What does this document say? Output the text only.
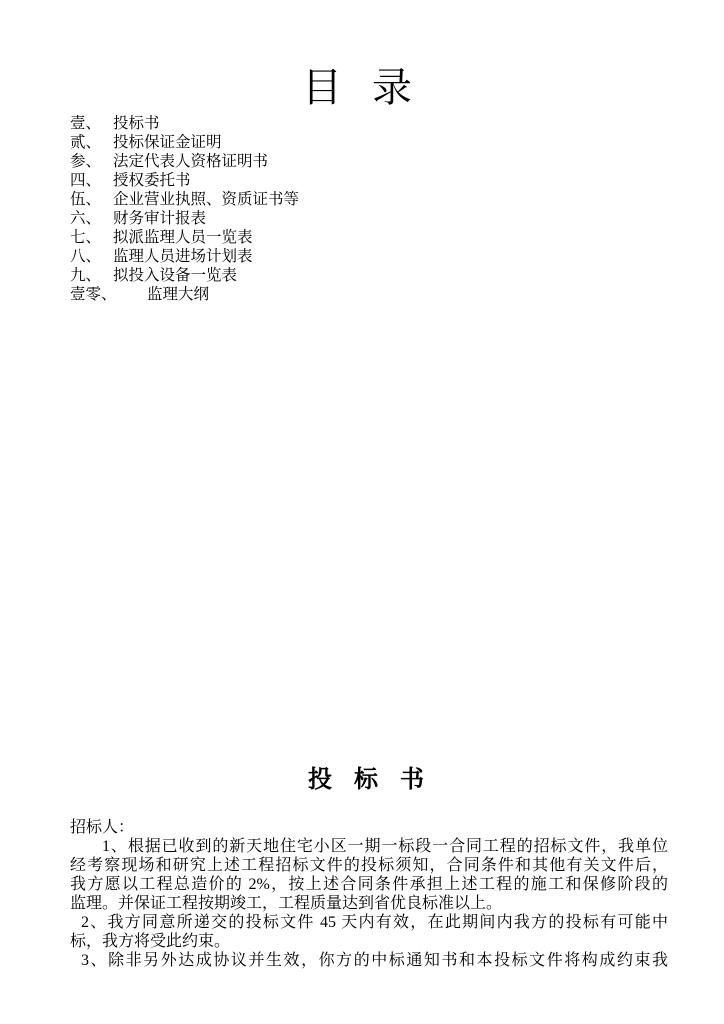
目 录
壹、 投标书
贰、 投标保证金证明
参、 法定代表人资格证明书
四、 授权委托书
伍、 企业营业执照、资质证书等
六、 财务审计报表
七、 拟派监理人员一览表
八、 监理人员进场计划表
九、 拟投入设备一览表
壹零、	监理大纲
投 标 书
招标人：
1、根据已收到的新天地住宅小区一期一标段一合同工程的招标文件，我单位
经考察现场和研究上述工程招标文件的投标须知，合同条件和其他有关文件后，
我方愿以工程总造价的 2%，按上述合同条件承担上述工程的施工和保修阶段的
监理。并保证工程按期竣工，工程质量达到省优良标准以上。
2、我方同意所递交的投标文件 45 天内有效，在此期间内我方的投标有可能中
标，我方将受此约束。
3、除非另外达成协议并生效，你方的中标通知书和本投标文件将构成约束我
